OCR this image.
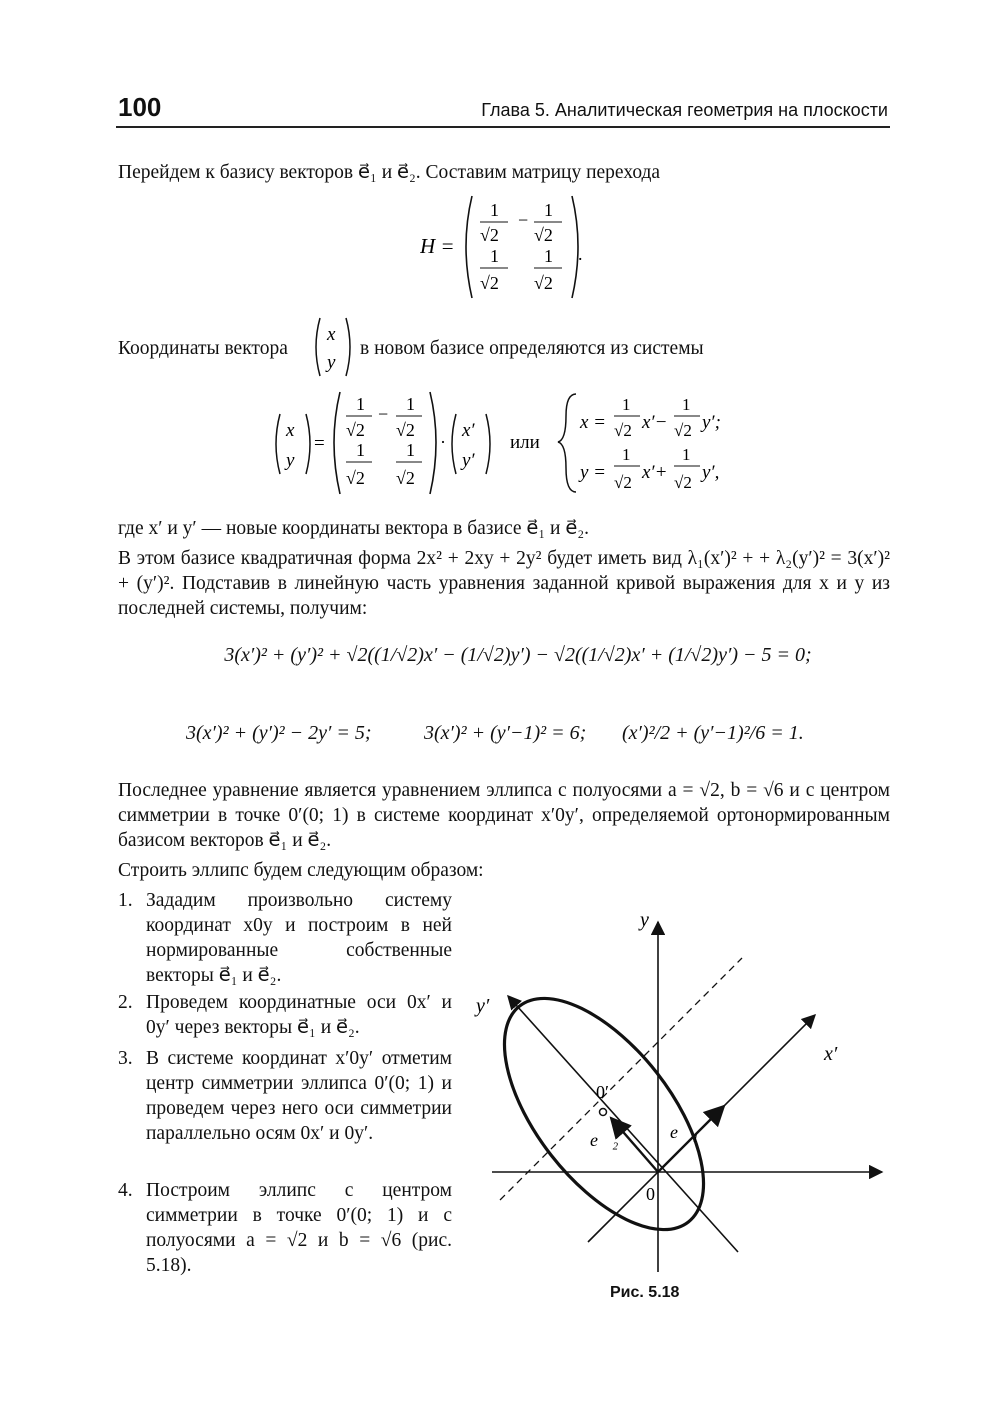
100	Глава 5. Аналитическая геометрия на плоскости
Перейдем к базису векторов e⃗₁ и e⃗₂. Составим матрицу перехода
H =
1
√2
− 1
√2
1
√2
1
√2
.
Координаты вектора
x
y
в новом базисе определяются из системы
x
y
=
1
√2
− 1
√2
1
√2
1
√2
·
x′
y′
или
x =
1
√2 x′−
1
√2 y′;
y =
1
√2 x′+
1
√2 y′,
где x′ и y′ — новые координаты вектора в базисе e⃗₁ и e⃗₂.
В этом базисе квадратичная форма 2x² + 2xy + 2y² будет иметь вид λ₁(x′)² + + λ₂(y′)² = 3(x′)² + (y′)². Подставив в линейную часть уравнения заданной кривой выражения для x и y из последней системы, получим:
3(x′)² + (y′)² + √2((1/√2)x′ − (1/√2)y′) − √2((1/√2)x′ + (1/√2)y′) − 5 = 0;
3(x′)² + (y′)² − 2y′ = 5;	3(x′)² + (y′−1)² = 6; (x′)²/2 + (y′−1)²/6 = 1.
Последнее уравнение является уравнением эллипса с полуосями a = √2, b = √6 и с центром симметрии в точке 0′(0; 1) в системе координат x′0y′, определяемой ортонормированным базисом векторов e⃗₁ и e⃗₂.
Строить эллипс будем следующим образом:
1. Зададим произвольно систему координат x0y и построим в ней нормированные собственные векторы e⃗₁ и e⃗₂.
2. Проведем координатные оси 0x′ и 0y′ через векторы e⃗₁ и e⃗₂.
3. В системе координат x′0y′ отметим центр симметрии эллипса 0′(0; 1) и проведем через него оси симметрии параллельно осям 0x′ и 0y′.
4. Построим эллипс с центром симметрии в точке 0′(0; 1) и с полуосями a = √2 и b = √6 (рис. 5.18).
y
x′
y′
0
0′
e⃗₁
e⃗₂
Рис. 5.18
